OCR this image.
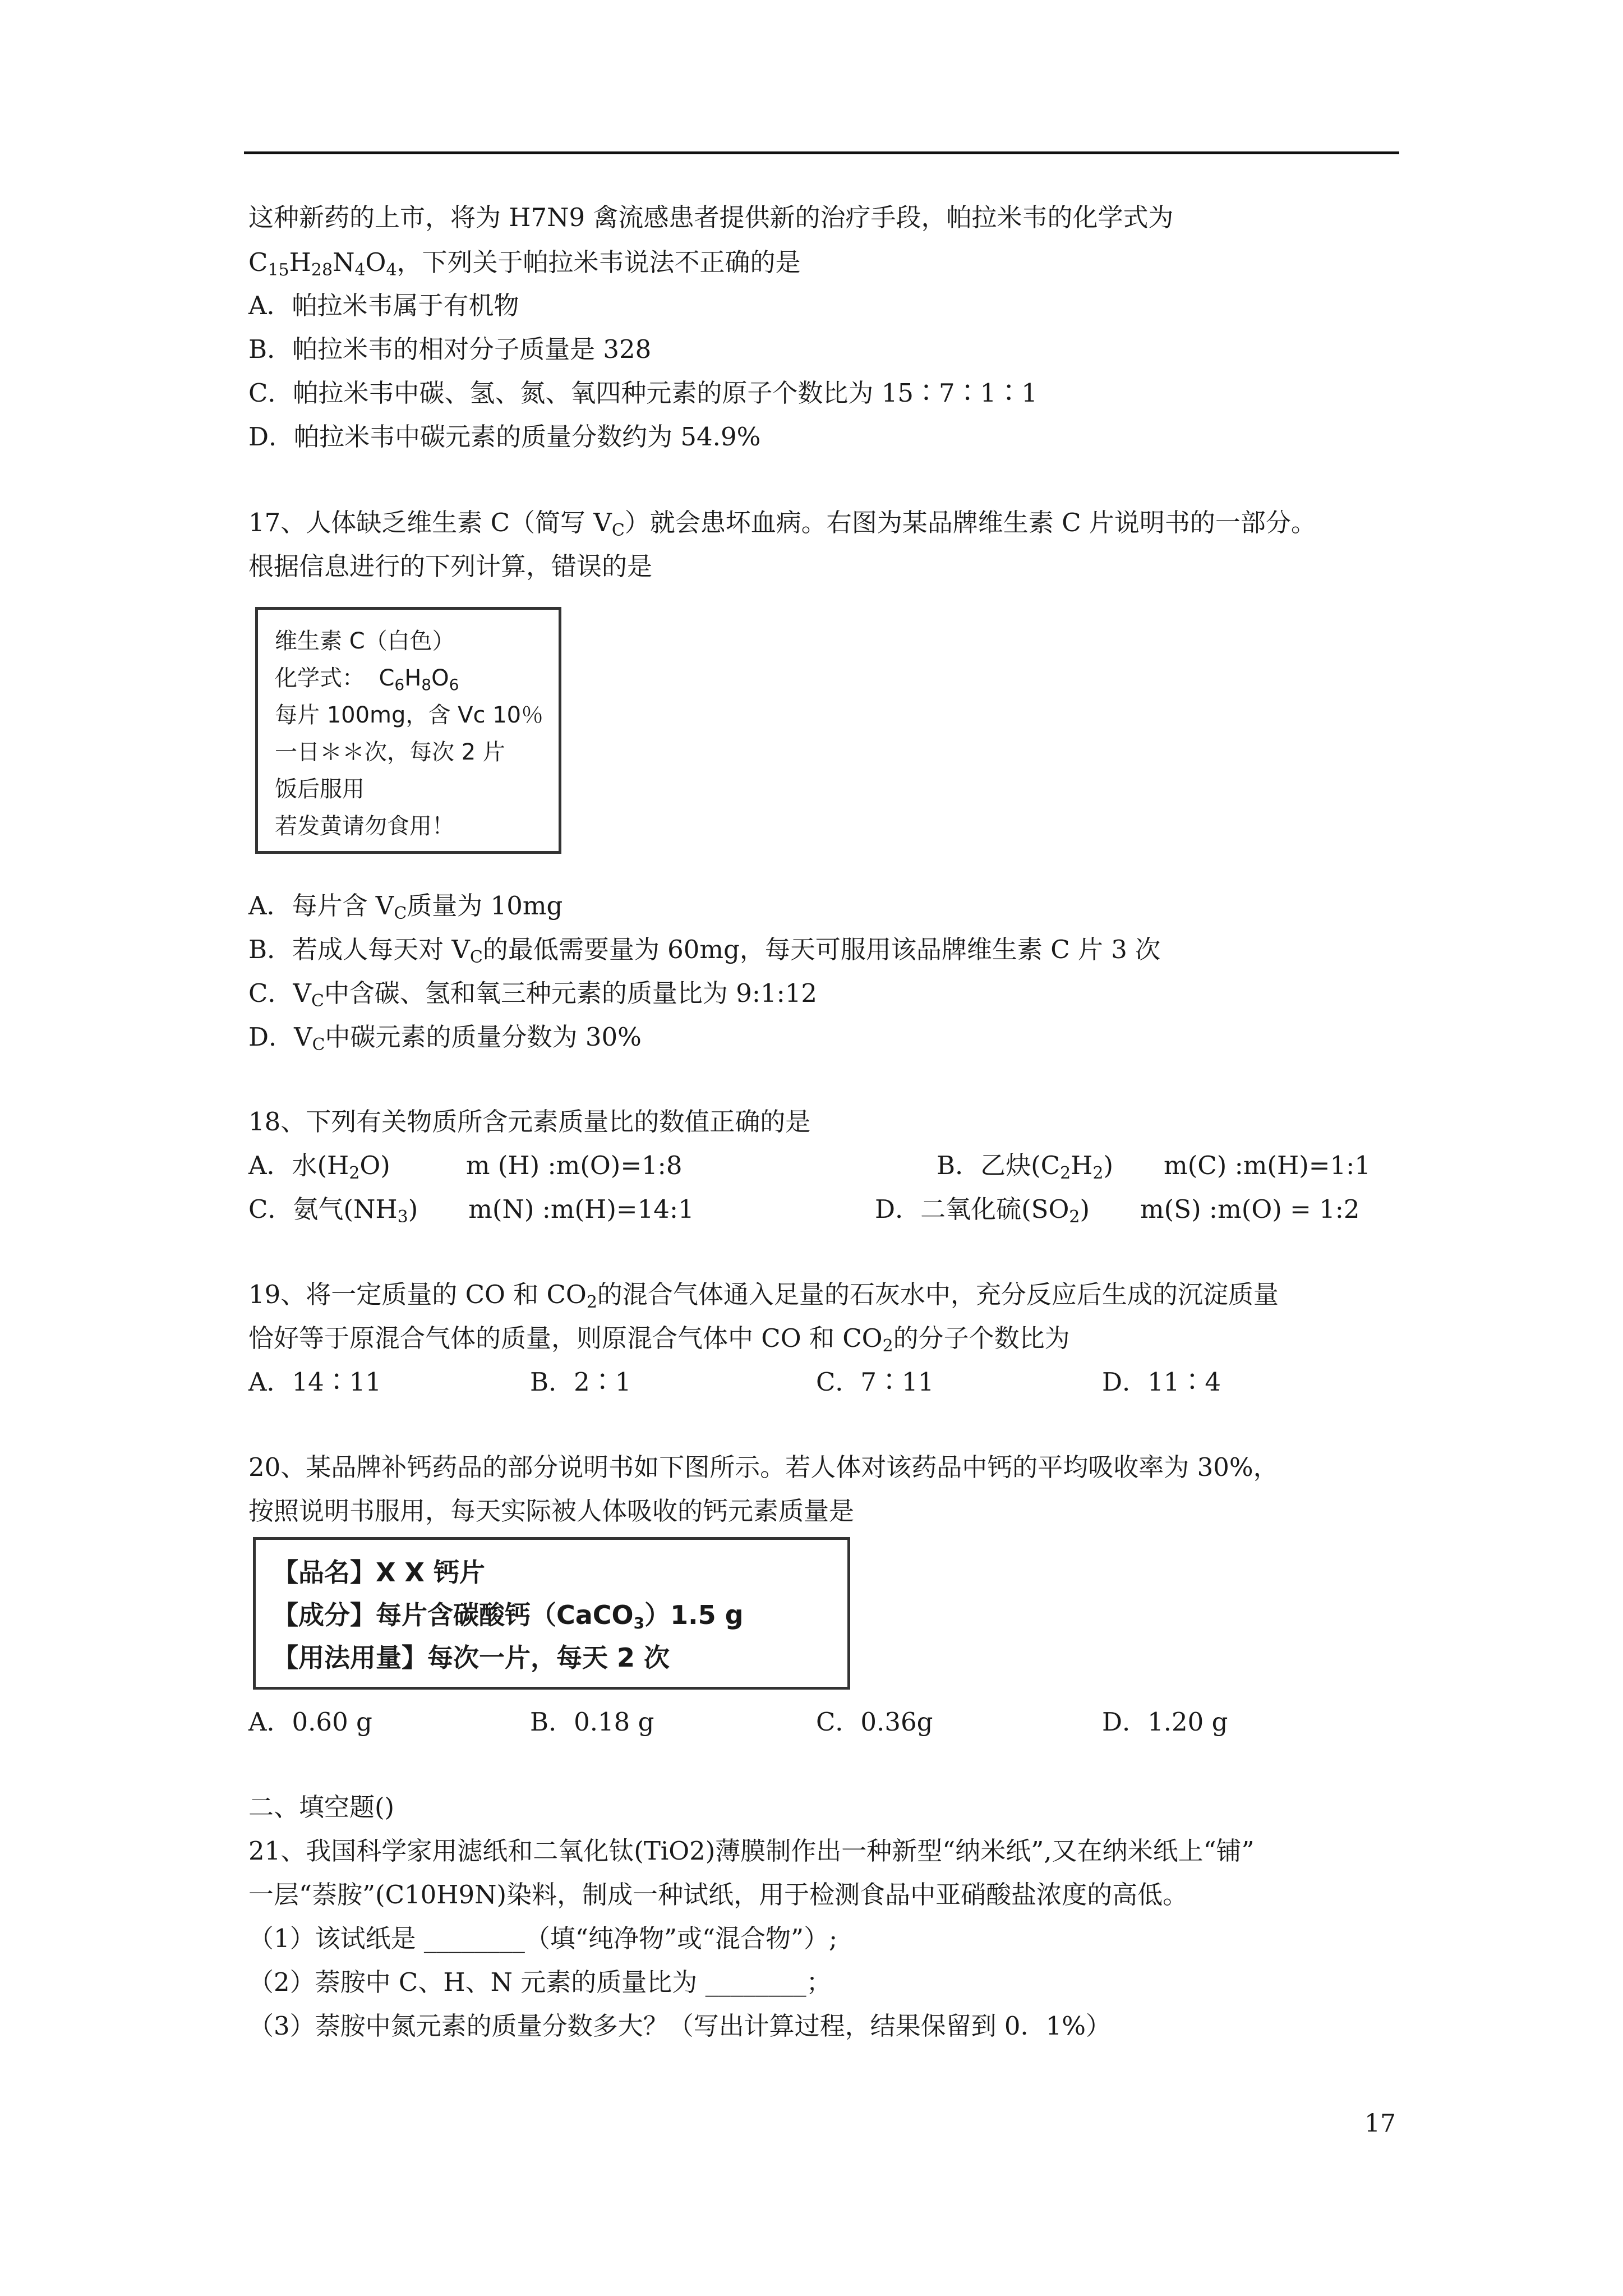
这种新药的上市，将为 H7N9 禽流感患者提供新的治疗手段，帕拉米韦的化学式为
$C_{15}H_{28}N_4O_4$，下列关于帕拉米韦说法不正确的是
A．帕拉米韦属于有机物
B．帕拉米韦的相对分子质量是 328
C．帕拉米韦中碳、氢、氮、氧四种元素的原子个数比为 15∶7∶1∶1
D．帕拉米韦中碳元素的质量分数约为 54.9%
17、人体缺乏维生素 C（简写 $V_C$）就会患坏血病。右图为某品牌维生素 C 片说明书的一部分。
根据信息进行的下列计算，错误的是
维生素 C（白色）
化学式： $C_6H_8O_6$
每片 100mg，含 Vc 10％
一日＊＊次，每次 2 片
饭后服用
若发黄请勿食用！
A．每片含 $V_C$质量为 10mg
B．若成人每天对 $V_C$的最低需要量为 60mg，每天可服用该品牌维生素 C 片 3 次
C．$V_C$中含碳、氢和氧三种元素的质量比为 9:1:12
D．$V_C$中碳元素的质量分数为 30%
18、下列有关物质所含元素质量比的数值正确的是
A．水$(H_2O)$　　　m (H) :m(O)=1:8	B．乙炔$(C_2H_2)$　　m(C) :m(H)=1:1
C．氨气$(NH_3)$　　m(N) :m(H)=14:1	D．二氧化硫$(SO_2)$　　m(S) :m(O) = 1:2
19、将一定质量的 CO 和 $CO_2$的混合气体通入足量的石灰水中，充分反应后生成的沉淀质量
恰好等于原混合气体的质量，则原混合气体中 CO 和 $CO_2$的分子个数比为
A．14∶11	B．2∶1	C．7∶11	D．11∶4
20、某品牌补钙药品的部分说明书如下图所示。若人体对该药品中钙的平均吸收率为 30%，
按照说明书服用，每天实际被人体吸收的钙元素质量是
【品名】X X 钙片
【成分】每片含碳酸钙（CaCO$_3$）1.5 g
【用法用量】每次一片，每天 2 次
A．0.60 g	B．0.18 g	C．0.36g	D．1.20 g
二、填空题()
21、我国科学家用滤纸和二氧化钛(TiO2)薄膜制作出一种新型“纳米纸”,又在纳米纸上“铺”
一层“萘胺”(C10H9N)染料，制成一种试纸，用于检测食品中亚硝酸盐浓度的高低。
（1）该试纸是 ________（填“纯净物”或“混合物”）;
（2）萘胺中 C、H、N 元素的质量比为 ________；
（3）萘胺中氮元素的质量分数多大？（写出计算过程，结果保留到 0．1%）
17
